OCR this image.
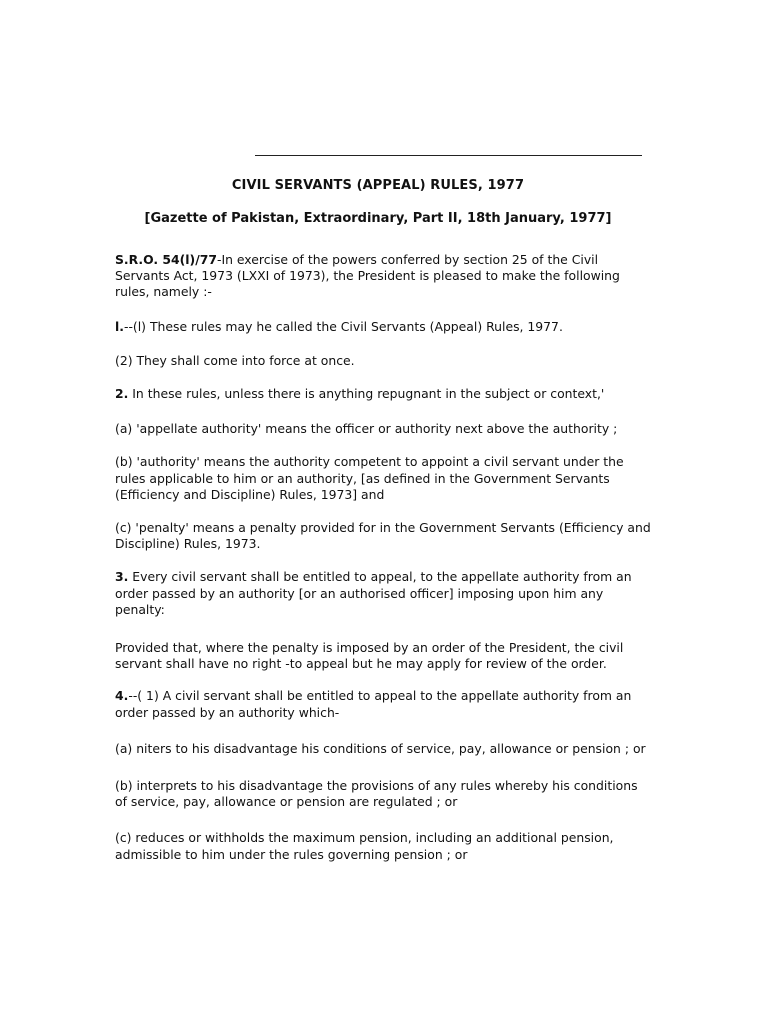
CIVIL SERVANTS (APPEAL) RULES, 1977
[Gazette of Pakistan, Extraordinary, Part II, 18th January, 1977]

S.R.O. 54(l)/77-In exercise of the powers conferred by section 25 of the Civil Servants Act, 1973 (LXXI of 1973), the President is pleased to make the following rules, namely :-

l.--(l) These rules may he called the Civil Servants (Appeal) Rules, 1977.

(2) They shall come into force at once.

2. In these rules, unless there is anything repugnant in the subject or context,'

(a) 'appellate authority' means the officer or authority next above the authority ;

(b) 'authority' means the authority competent to appoint a civil servant under the rules applicable to him or an authority, [as defined in the Government Servants (Efficiency and Discipline) Rules, 1973] and

(c) 'penalty' means a penalty provided for in the Government Servants (Efficiency and Discipline) Rules, 1973.

3. Every civil servant shall be entitled to appeal, to the appellate authority from an order passed by an authority [or an authorised officer] imposing upon him any penalty:

Provided that, where the penalty is imposed by an order of the President, the civil servant shall have no right -to appeal but he may apply for review of the order.

4.--( 1) A civil servant shall be entitled to appeal to the appellate authority from an order passed by an authority which-

(a) niters to his disadvantage his conditions of service, pay, allowance or pension ; or

(b) interprets to his disadvantage the provisions of any rules whereby his conditions of service, pay, allowance or pension are regulated ; or

(c) reduces or withholds the maximum pension, including an additional pension, admissible to him under the rules governing pension ; or
